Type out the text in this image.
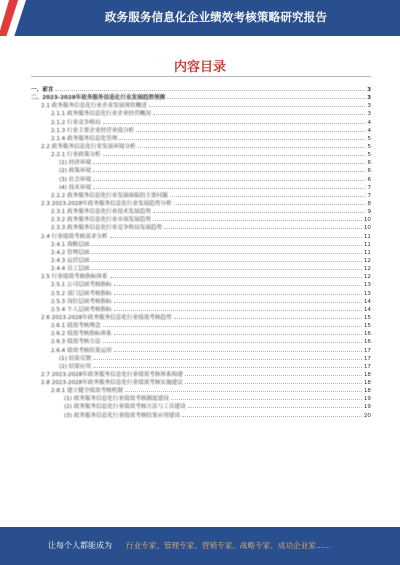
政务服务信息化企业绩效考核策略研究报告
内容目录
一、前言	3
二、2023-2028年政务服务信息化行业发展趋势预测	3
2.1 政务服务信息化行业企业发展现状概述	3
2.1.1 政务服务信息化行业企业经营概况	3
2.1.2 行业竞争格局	4
2.1.3 行业主要企业经营业绩分析	4
2.1.4 政务服务信息化管理	5
2.2 政务服务信息化行业发展环境分析	5
2.2.1 行业政策分析	5
(1) 经济环境	6
(2) 政策环境	6
(3) 社会环境	6
(4) 技术环境	7
2.2.2 政务服务信息化行业发展面临的主要问题	7
2.3 2023-2028年政务服务信息化行业发展趋势分析	8
2.3.1 政务服务信息化行业技术发展趋势	9
2.3.2 政务服务信息化行业市场发展趋势	10
2.3.3 政务服务信息化行业竞争格局发展趋势	10
2.4 行业绩效考核需求分析	11
2.4.1 战略层面	11
2.4.2 管理层面	11
2.4.3 运营层面	12
2.4.4 员工层面	12
2.5 行业绩效考核指标体系	12
2.5.1 公司层面考核指标	13
2.5.2 部门层面考核指标	13
2.5.3 岗位层面考核指标	14
2.5.4 个人层面考核指标	14
2.6 2023-2028年政务服务信息化行业绩效考核趋势	15
2.6.1 绩效考核理念	15
2.6.2 绩效考核指标体系	16
2.6.3 绩效考核方法	16
2.6.4 绩效考核结果运用	17
(1) 结果反馈	17
(2) 结果应用	17
2.7 2023-2028年政务服务信息化行业绩效考核体系构建	18
2.8 2023-2028年政务服务信息化行业绩效考核实施建议	18
2.8.1 建立健全绩效考核机制	18
(1) 政务服务信息化行业绩效考核制度建设	19
(2) 政务服务信息化行业绩效考核方法与工具建设	19
(3) 政务服务信息化行业绩效考核结果应用建设	20
让每个人都能成为 行业专家、管理专家、营销专家、战略专家、成功企业家……
